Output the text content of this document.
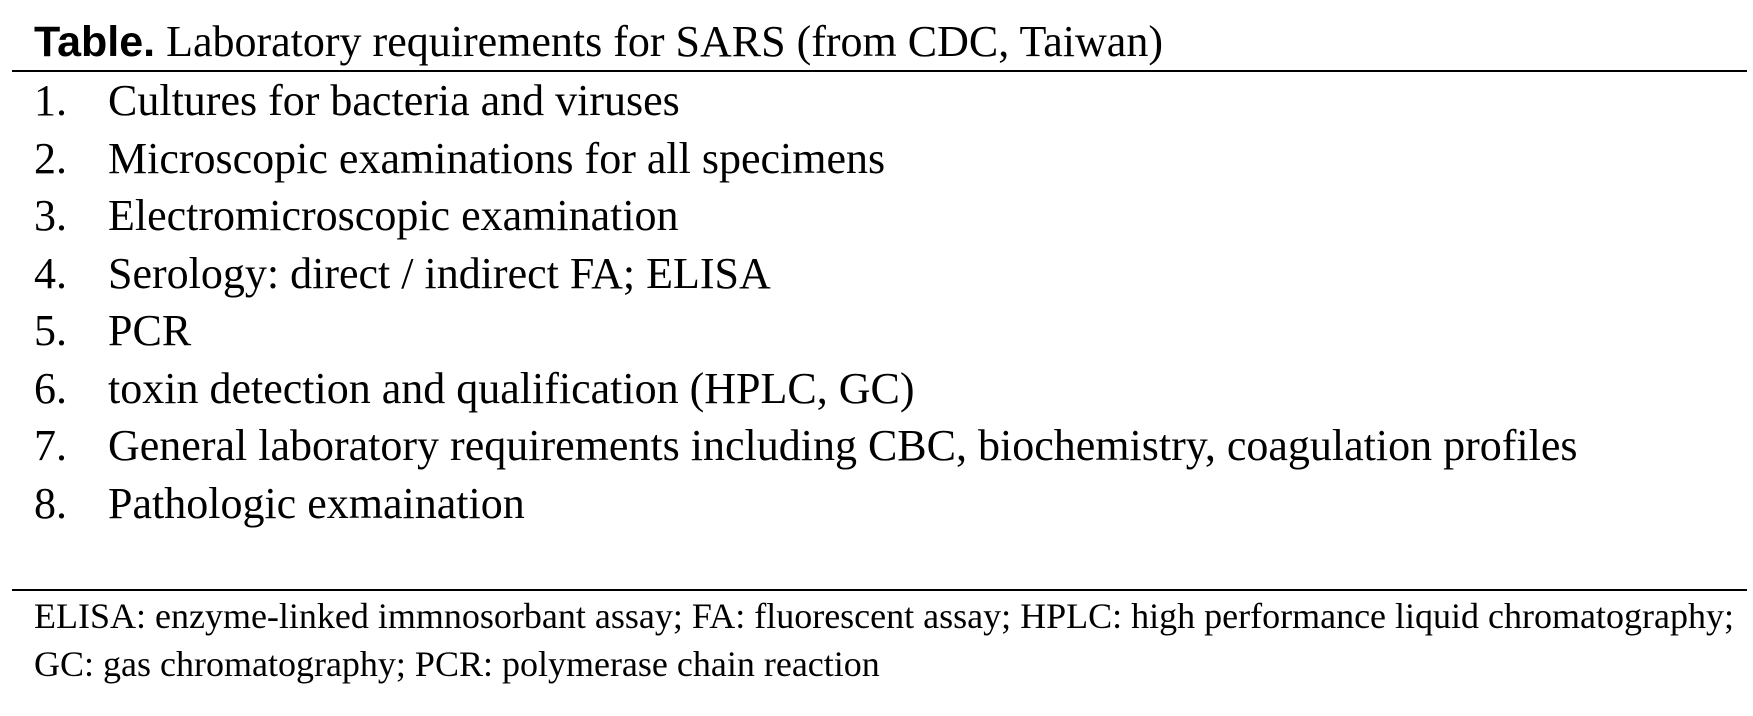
Table. Laboratory requirements for SARS (from CDC, Taiwan)
1. Cultures for bacteria and viruses
2. Microscopic examinations for all specimens
3. Electromicroscopic examination
4. Serology: direct / indirect FA; ELISA
5. PCR
6. toxin detection and qualification (HPLC, GC)
7. General laboratory requirements including CBC, biochemistry, coagulation profiles
8. Pathologic exmaination

ELISA: enzyme-linked immnosorbant assay; FA: fluorescent assay; HPLC: high performance liquid chromatography; GC: gas chromatography; PCR: polymerase chain reaction
